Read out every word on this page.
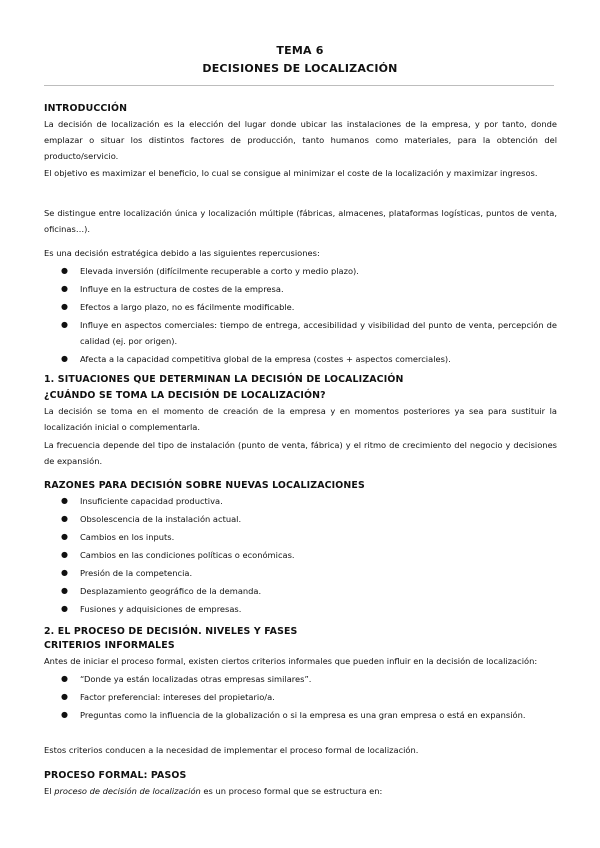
TEMA 6
DECISIONES DE LOCALIZACIÓN
INTRODUCCIÓN

La decisión de localización es la elección del lugar donde ubicar las instalaciones de la empresa, y por tanto, donde emplazar o situar los distintos factores de producción, tanto humanos como materiales, para la obtención del producto/servicio.

El objetivo es maximizar el beneficio, lo cual se consigue al minimizar el coste de la localización y maximizar ingresos.

Se distingue entre localización única y localización múltiple (fábricas, almacenes, plataformas logísticas, puntos de venta, oficinas…).

Es una decisión estratégica debido a las siguientes repercusiones:

● Elevada inversión (difícilmente recuperable a corto y medio plazo).
● Influye en la estructura de costes de la empresa.
● Efectos a largo plazo, no es fácilmente modificable.
● Influye en aspectos comerciales: tiempo de entrega, accesibilidad y visibilidad del punto de venta, percepción de calidad (ej. por origen).
● Afecta a la capacidad competitiva global de la empresa (costes + aspectos comerciales).
1. SITUACIONES QUE DETERMINAN LA DECISIÓN DE LOCALIZACIÓN
¿CUÁNDO SE TOMA LA DECISIÓN DE LOCALIZACIÓN?

La decisión se toma en el momento de creación de la empresa y en momentos posteriores ya sea para sustituir la localización inicial o complementarla.

La frecuencia depende del tipo de instalación (punto de venta, fábrica) y el ritmo de crecimiento del negocio y decisiones de expansión.

RAZONES PARA DECISIÓN SOBRE NUEVAS LOCALIZACIONES
● Insuficiente capacidad productiva.
● Obsolescencia de la instalación actual.
● Cambios en los inputs.
● Cambios en las condiciones políticas o económicas.
● Presión de la competencia.
● Desplazamiento geográfico de la demanda.
● Fusiones y adquisiciones de empresas.
2. EL PROCESO DE DECISIÓN. NIVELES Y FASES
CRITERIOS INFORMALES

Antes de iniciar el proceso formal, existen ciertos criterios informales que pueden influir en la decisión de localización:

● “Donde ya están localizadas otras empresas similares”.
● Factor preferencial: intereses del propietario/a.
● Preguntas como la influencia de la globalización o si la empresa es una gran empresa o está en expansión.

Estos criterios conducen a la necesidad de implementar el proceso formal de localización.

PROCESO FORMAL: PASOS

El proceso de decisión de localización es un proceso formal que se estructura en:
